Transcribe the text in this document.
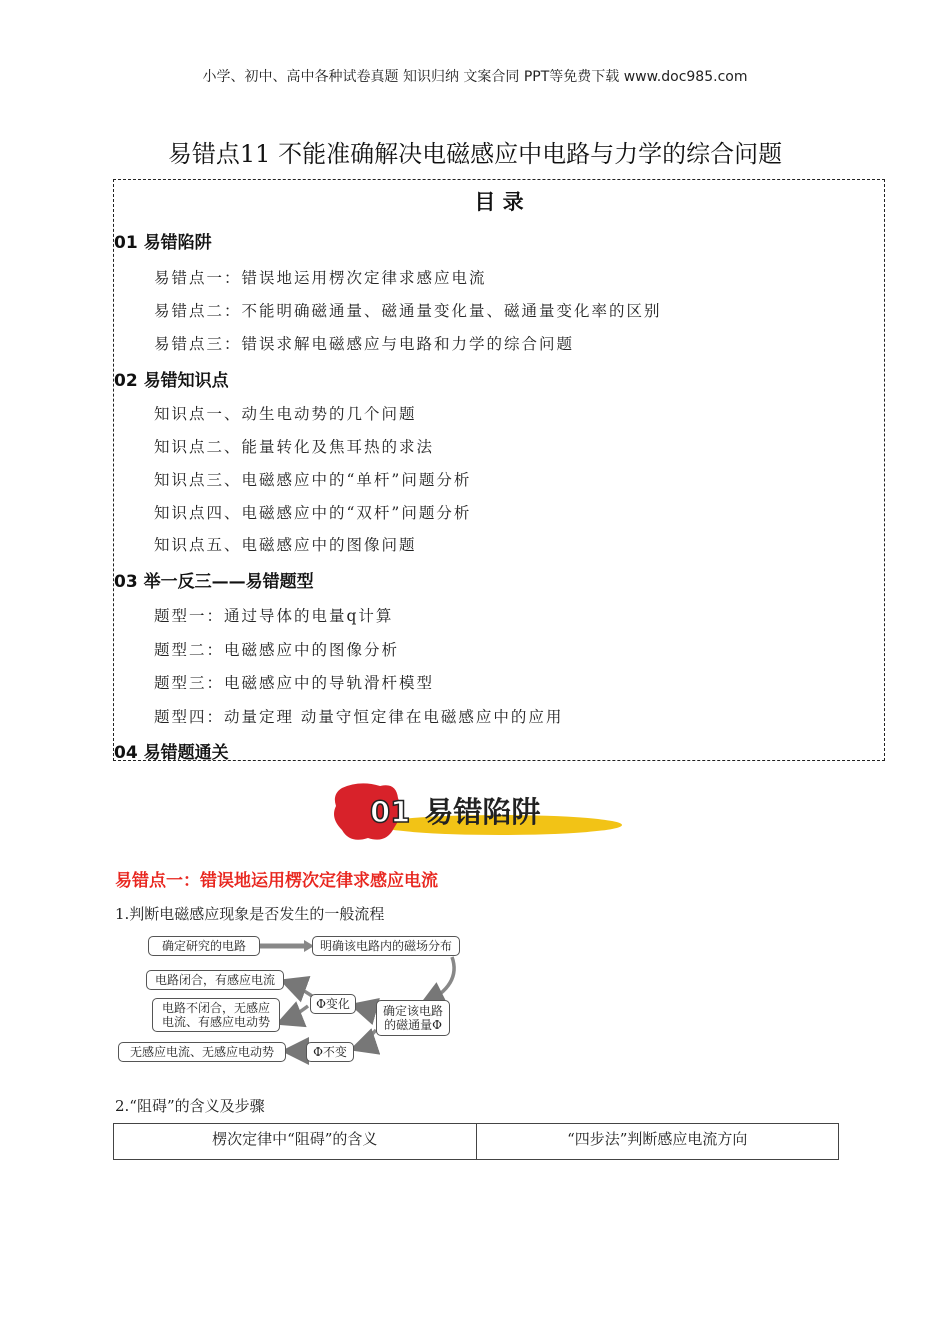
小学、初中、高中各种试卷真题 知识归纳 文案合同 PPT等免费下载 www.doc985.com
易错点11 不能准确解决电磁感应中电路与力学的综合问题
目 录
01 易错陷阱
易错点一：错误地运用楞次定律求感应电流
易错点二：不能明确磁通量、磁通量变化量、磁通量变化率的区别
易错点三：错误求解电磁感应与电路和力学的综合问题
02 易错知识点
知识点一、动生电动势的几个问题
知识点二、能量转化及焦耳热的求法
知识点三、电磁感应中的“单杆”问题分析
知识点四、电磁感应中的“双杆”问题分析
知识点五、电磁感应中的图像问题
03 举一反三——易错题型
题型一：通过导体的电量q计算
题型二：电磁感应中的图像分析
题型三：电磁感应中的导轨滑杆模型
题型四：动量定理 动量守恒定律在电磁感应中的应用
04 易错题通关
01 易错陷阱
易错点一：错误地运用楞次定律求感应电流
1.判断电磁感应现象是否发生的一般流程
确定研究的电路	明确该电路内的磁场分布
电路闭合，有感应电流
电路不闭合，无感应
电流、有感应电动势
Φ变化	确定该电路
的磁通量Φ
无感应电流、无感应电动势	Φ不变
2.“阻碍”的含义及步骤
楞次定律中“阻碍”的含义	“四步法”判断感应电流方向
